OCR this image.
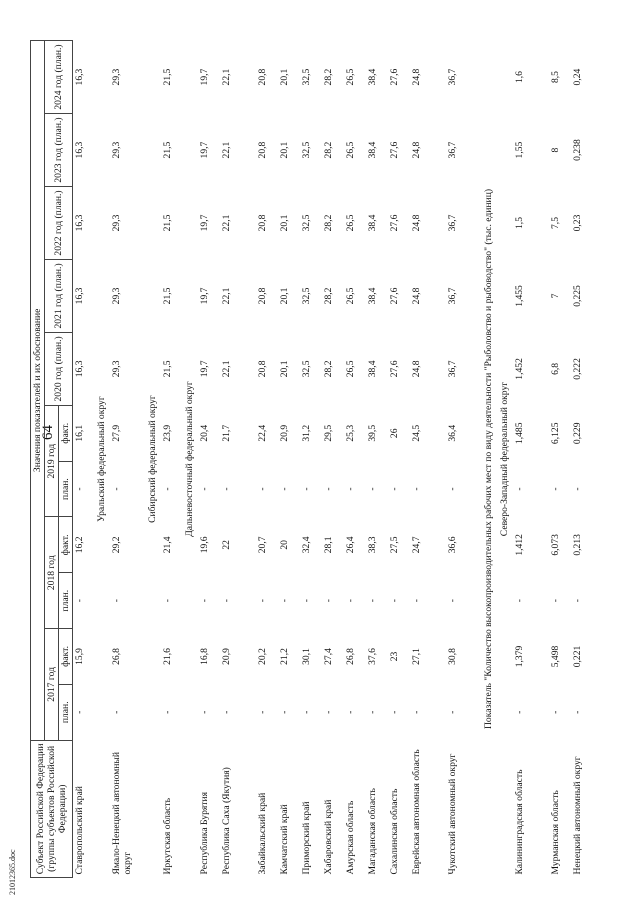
64
21012365.doc Субъект Российской Федерации (группы субъектов Российской Федерации)	Значения показателей и их обоснование										
	2017 год		2018 год		2019 год		2020 год (план.)	2021 год (план.)	2022 год (план.)	2023 год (план.)	2024 год (план.)
	план.	факт.	план.	факт.	план.	факт.					
Ставропольский край	-	15,9	-	16,2	-	16,1	16,3	16,3	16,3	16,3	16,3
Уральский федеральный округ											
Ямало-Ненецкий автономный округ	-	26,8	-	29,2	-	27,9	29,3	29,3	29,3	29,3	29,3
Сибирский федеральный округ											
Иркутская область	-	21,6	-	21,4	-	23,9	21,5	21,5	21,5	21,5	21,5
Дальневосточный федеральный округ											
Республика Бурятия	-	16,8	-	19,6	-	20,4	19,7	19,7	19,7	19,7	19,7
Республика Саха (Якутия)	-	20,9	-	22	-	21,7	22,1	22,1	22,1	22,1	22,1
Забайкальский край	-	20,2	-	20,7	-	22,4	20,8	20,8	20,8	20,8	20,8
Камчатский край	-	21,2	-	20	-	20,9	20,1	20,1	20,1	20,1	20,1
Приморский край	-	30,1	-	32,4	-	31,2	32,5	32,5	32,5	32,5	32,5
Хабаровский край	-	27,4	-	28,1	-	29,5	28,2	28,2	28,2	28,2	28,2
Амурская область	-	26,8	-	26,4	-	25,3	26,5	26,5	26,5	26,5	26,5
Магаданская область	-	37,6	-	38,3	-	39,5	38,4	38,4	38,4	38,4	38,4
Сахалинская область	-	23	-	27,5	-	26	27,6	27,6	27,6	27,6	27,6
Еврейская автономная область	-	27,1	-	24,7	-	24,5	24,8	24,8	24,8	24,8	24,8
Чукотский автономный округ	-	30,8	-	36,6	-	36,4	36,7	36,7	36,7	36,7	36,7
Показатель "Количество высокопроизводительных рабочих мест по виду деятельности "Рыболовство и рыбоводство" (тыс. единиц)											
Северо-Западный федеральный округ											
Калининградская область	-	1,379	-	1,412	-	1,485	1,452	1,455	1,5	1,55	1,6
Мурманская область	-	5,498	-	6,073	-	6,125	6,8	7	7,5	8	8,5
Ненецкий автономный округ	-	0,221	-	0,213	-	0,229	0,222	0,225	0,23	0,238	0,24
